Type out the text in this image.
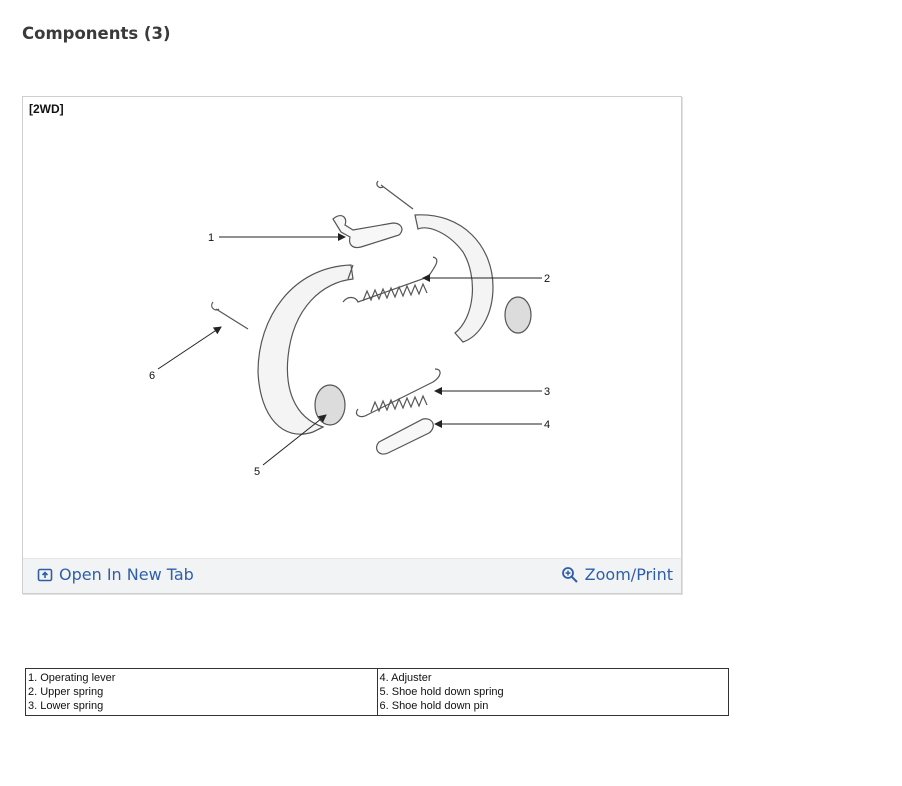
Components (3)
1
2
6
3
4
5
[2WD]
Open In New Tab	Zoom/Print
1. Operating lever
2. Upper spring
3. Lower spring

4. Adjuster
5. Shoe hold down spring
6. Shoe hold down pin
